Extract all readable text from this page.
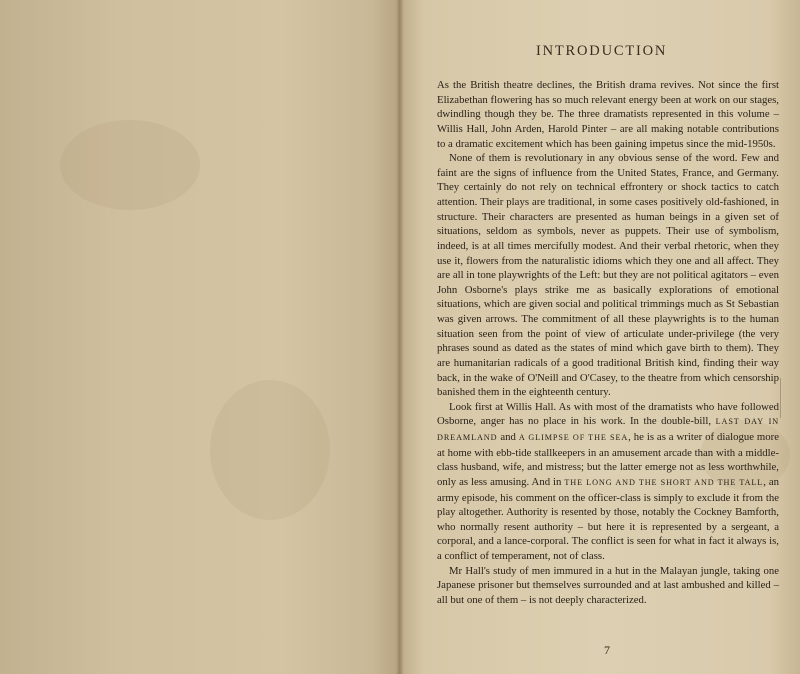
INTRODUCTION

As the British theatre declines, the British drama revives. Not since the first Elizabethan flowering has so much relevant energy been at work on our stages, dwindling though they be. The three dramatists represented in this volume – Willis Hall, John Arden, Harold Pinter – are all making notable contributions to a dramatic excitement which has been gaining impetus since the mid-1950s.

None of them is revolutionary in any obvious sense of the word. Few and faint are the signs of influence from the United States, France, and Germany. They certainly do not rely on technical effrontery or shock tactics to catch attention. Their plays are traditional, in some cases positively old-fashioned, in structure. Their characters are presented as human beings in a given set of situations, seldom as symbols, never as puppets. Their use of symbolism, indeed, is at all times mercifully modest. And their verbal rhetoric, when they use it, flowers from the naturalistic idioms which they one and all affect. They are all in tone playwrights of the Left: but they are not political agitators – even John Osborne's plays strike me as basically explorations of emotional situations, which are given social and political trimmings much as St Sebastian was given arrows. The commitment of all these playwrights is to the human situation seen from the point of view of articulate under-privilege (the very phrases sound as dated as the states of mind which gave birth to them). They are humanitarian radicals of a good traditional British kind, finding their way back, in the wake of O'Neill and O'Casey, to the theatre from which censorship banished them in the eighteenth century.

Look first at Willis Hall. As with most of the dramatists who have followed Osborne, anger has no place in his work. In the double-bill, LAST DAY IN DREAMLAND and A GLIMPSE OF THE SEA, he is as a writer of dialogue more at home with ebb-tide stallkeepers in an amusement arcade than with a middle-class husband, wife, and mistress; but the latter emerge not as less worthwhile, only as less amusing. And in THE LONG AND THE SHORT AND THE TALL, an army episode, his comment on the officer-class is simply to exclude it from the play altogether. Authority is resented by those, notably the Cockney Bamforth, who normally resent authority – but here it is represented by a sergeant, a corporal, and a lance-corporal. The conflict is seen for what in fact it always is, a conflict of temperament, not of class.

Mr Hall's study of men immured in a hut in the Malayan jungle, taking one Japanese prisoner but themselves surrounded and at last ambushed and killed – all but one of them – is not deeply characterized.

7
